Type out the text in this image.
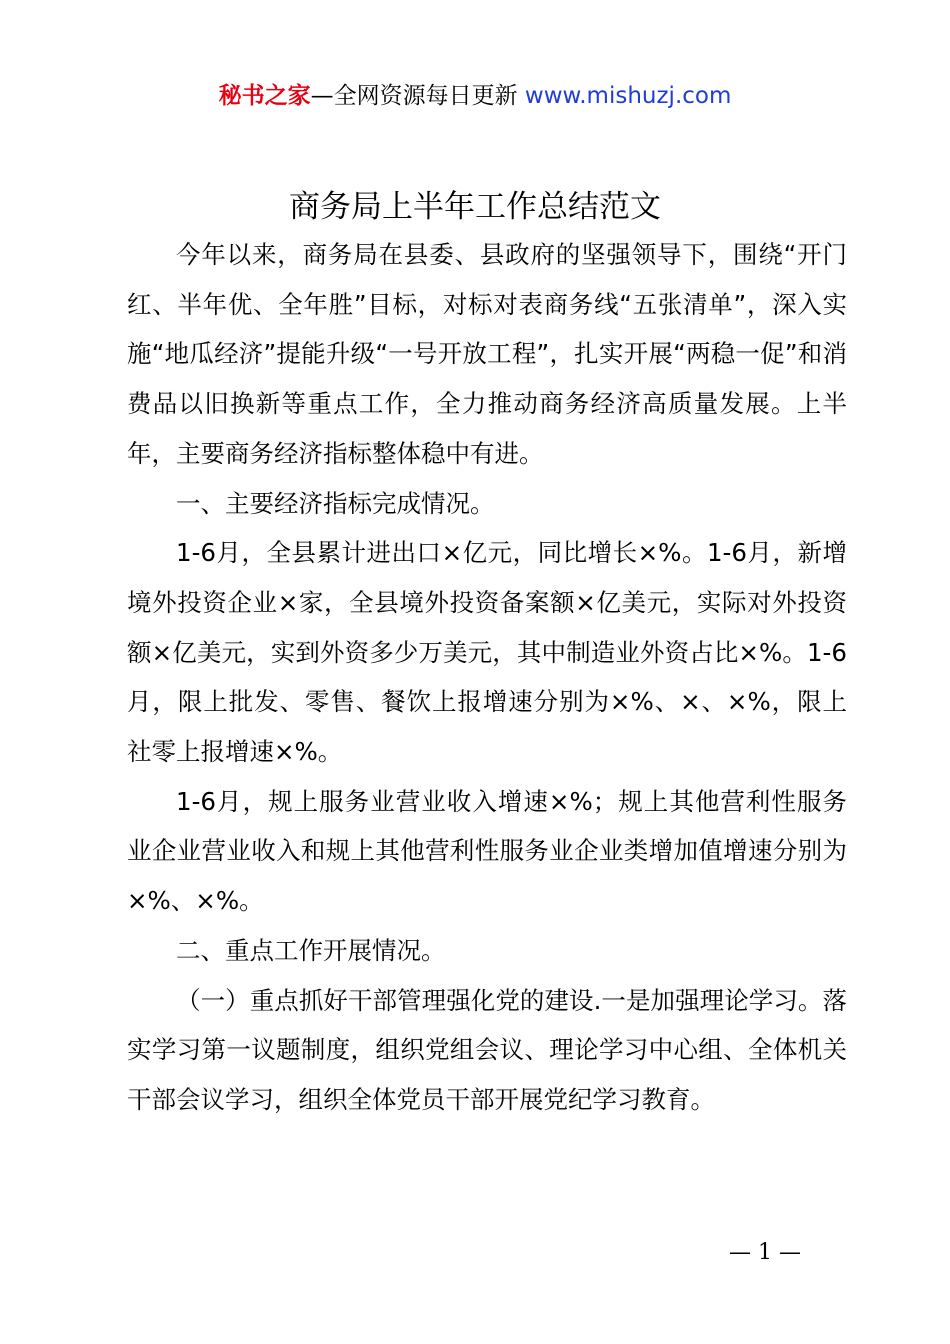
秘书之家—全网资源每日更新 www.mishuzj.com
商务局上半年工作总结范文

今年以来，商务局在县委、县政府的坚强领导下，围绕“开门红、半年优、全年胜”目标，对标对表商务线“五张清单”，深入实施“地瓜经济”提能升级“一号开放工程”，扎实开展“两稳一促”和消费品以旧换新等重点工作，全力推动商务经济高质量发展。上半年，主要商务经济指标整体稳中有进。

一、主要经济指标完成情况。

1-6月，全县累计进出口×亿元，同比增长×%。1-6月，新增境外投资企业×家，全县境外投资备案额×亿美元，实际对外投资额×亿美元，实到外资多少万美元，其中制造业外资占比×%。1-6月，限上批发、零售、餐饮上报增速分别为×%、×、×%，限上社零上报增速×%。

1-6月，规上服务业营业收入增速×%；规上其他营利性服务业企业营业收入和规上其他营利性服务业企业类增加值增速分别为×%、×%。

二、重点工作开展情况。

（一）重点抓好干部管理强化党的建设.一是加强理论学习。落实学习第一议题制度，组织党组会议、理论学习中心组、全体机关干部会议学习，组织全体党员干部开展党纪学习教育。

— 1 —
